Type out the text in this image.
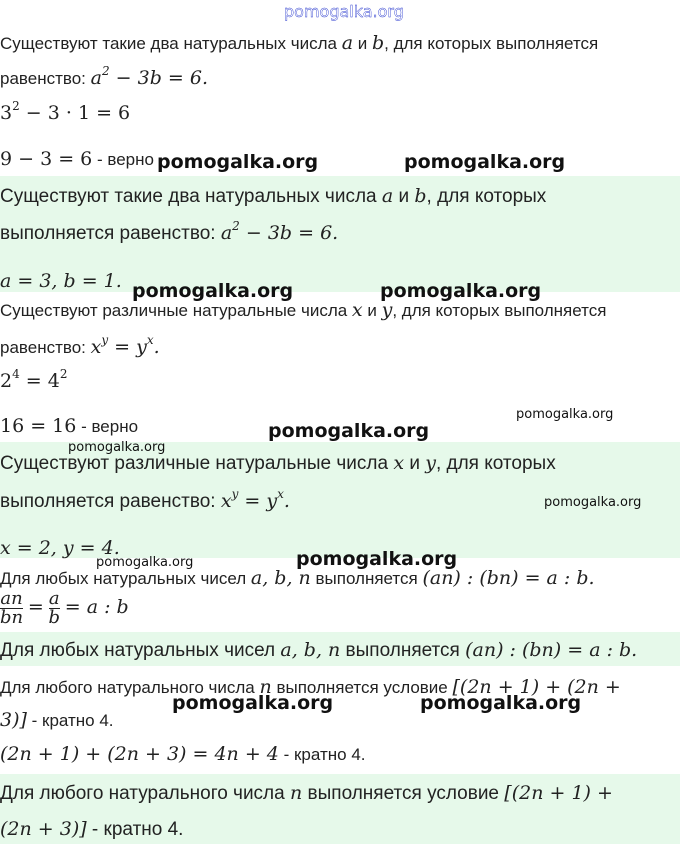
pomogalka.org
Существуют такие два натуральных числа a и b, для которых выполняется
равенство: $a^2 - 3b = 6$.
$3^2 - 3 \cdot 1 = 6$
9 − 3 = 6 - верно
Существуют такие два натуральных числа a и b, для которых
выполняется равенство: $a^2 - 3b = 6$.
a = 3, b = 1.
Существуют различные натуральные числа x и y, для которых выполняется
равенство: $x^y = y^x$.
$2^4 = 4^2$
16 = 16 - верно
Существуют различные натуральные числа x и y, для которых
выполняется равенство: $x^y = y^x$.
x = 2, y = 4.
Для любых натуральных чисел a, b, n выполняется (an) : (bn) = a : b.
$\frac{an}{bn} = \frac{a}{b} = a$ : b
Для любых натуральных чисел a, b, n выполняется (an) : (bn) = a : b.
Для любого натурального числа n выполняется условие [(2n + 1) + (2n +
3)] - кратно 4.
(2n + 1) + (2n + 3) = 4n + 4 - кратно 4.
Для любого натурального числа n выполняется условие [(2n + 1) +
(2n + 3)] - кратно 4.
pomogalka.org	pomogalka.org
pomogalka.org	pomogalka.org
pomogalka.org
pomogalka.org
pomogalka.org
pomogalka.org
pomogalka.org	pomogalka.org
pomogalka.org	pomogalka.org
